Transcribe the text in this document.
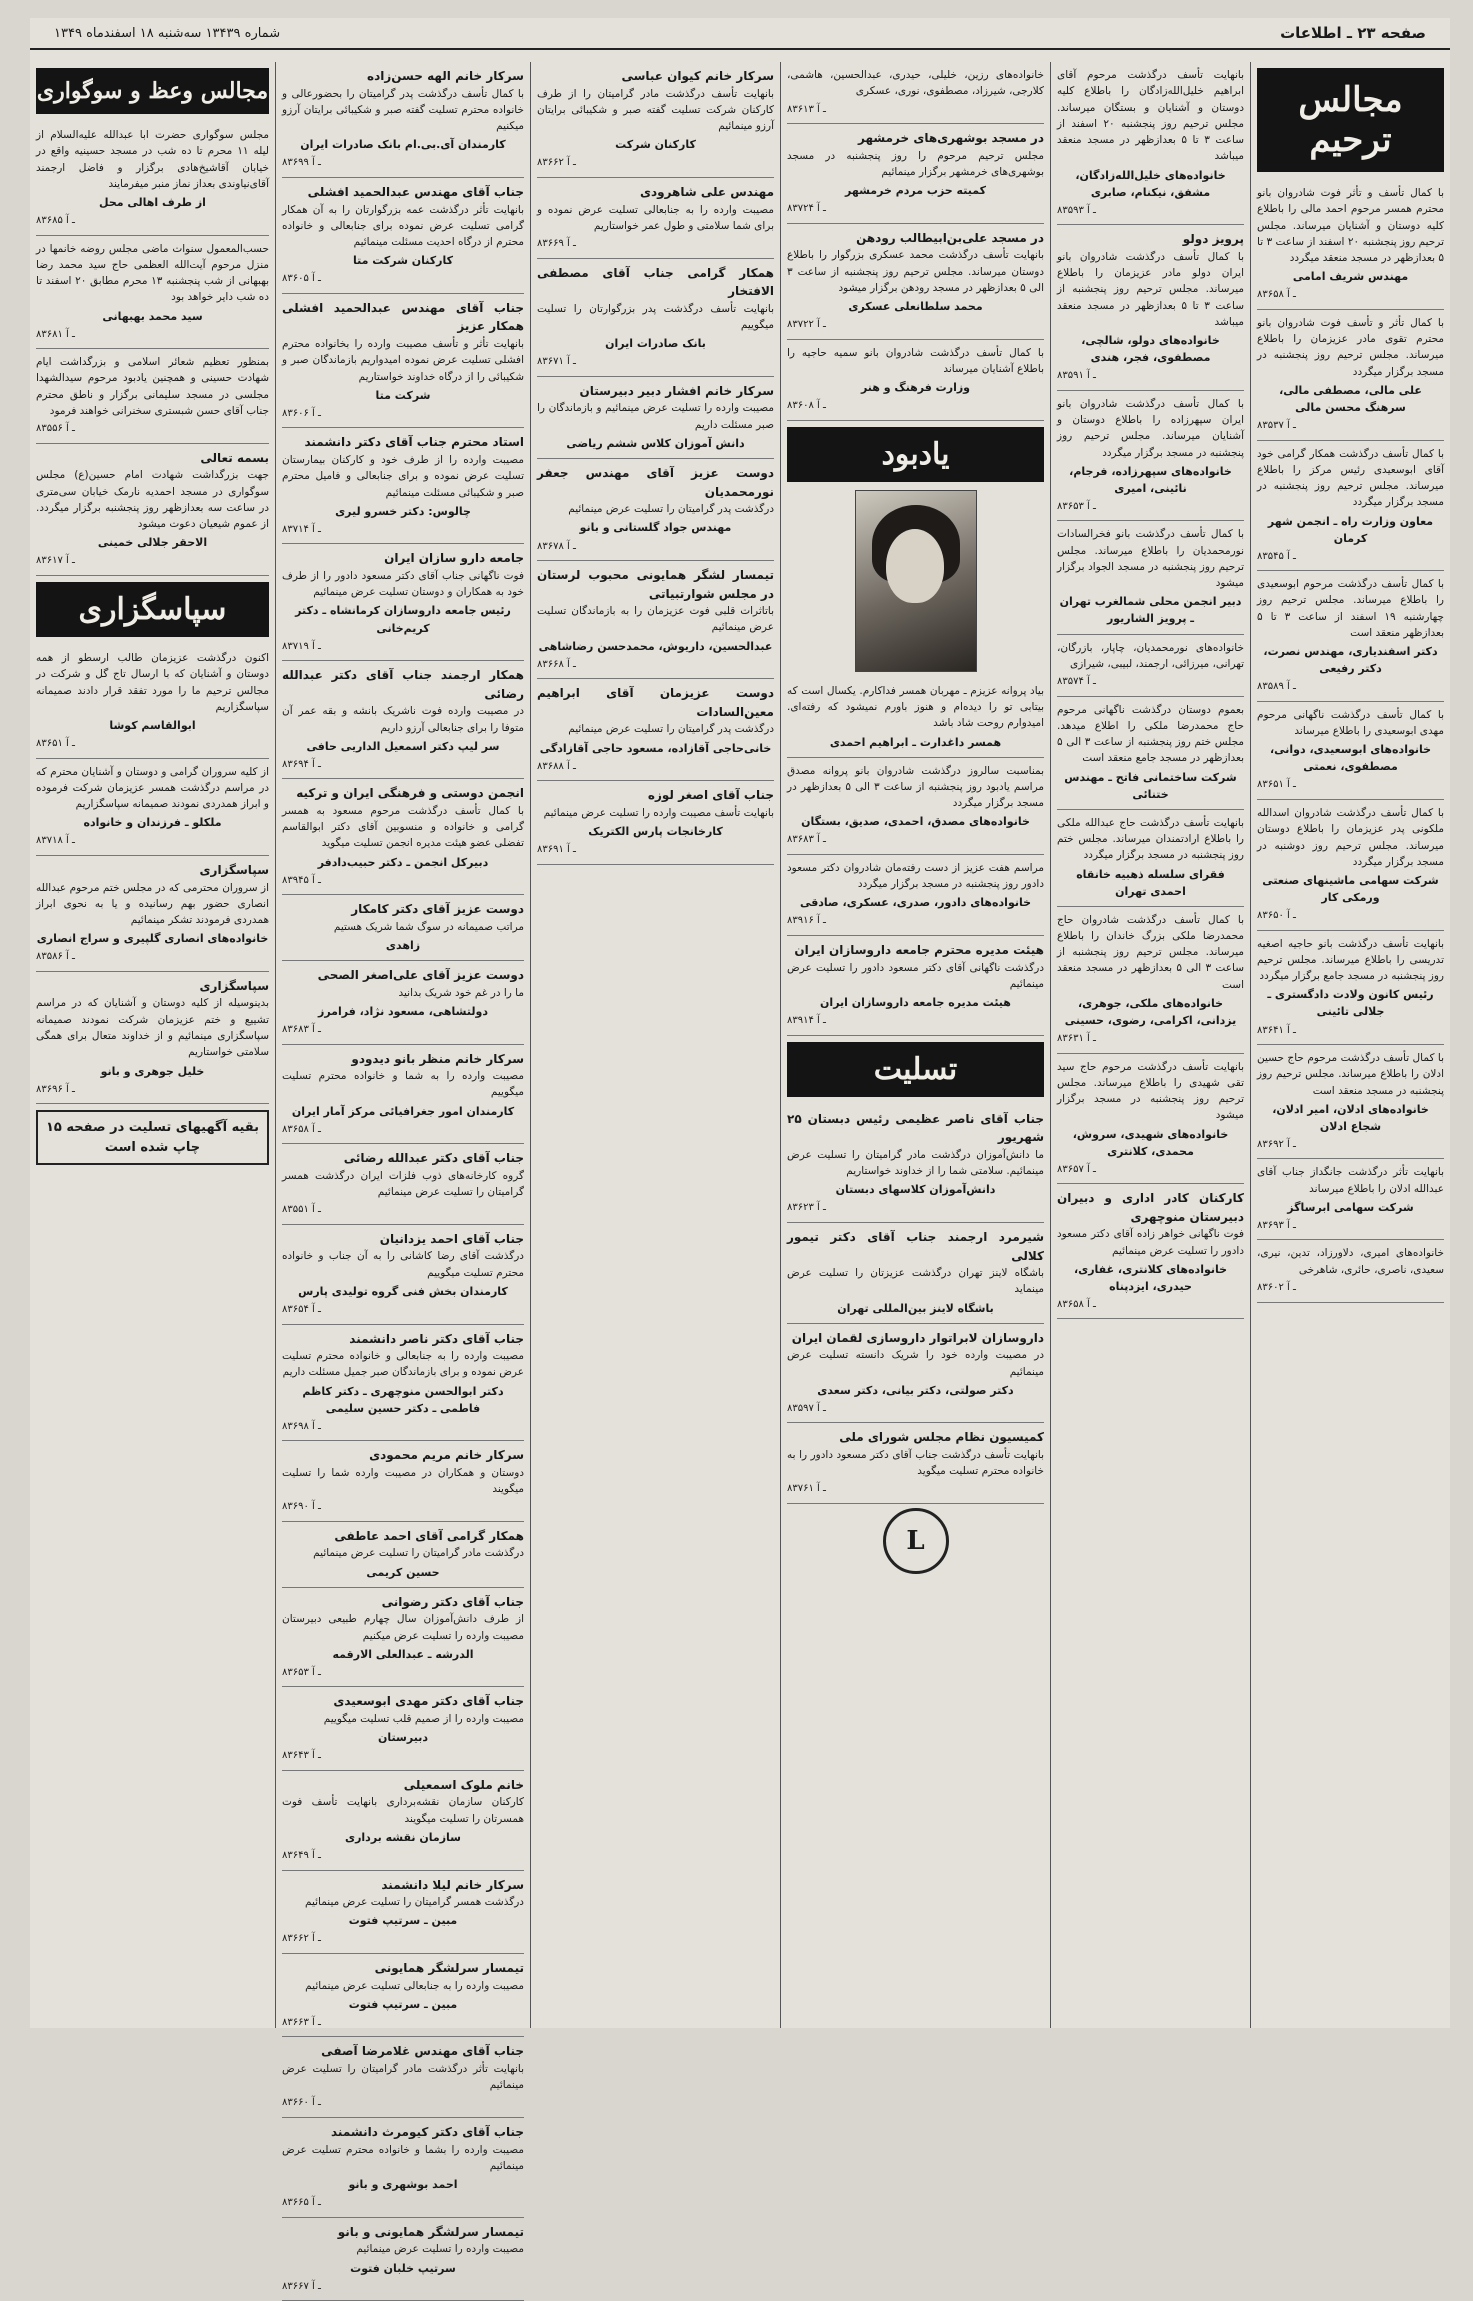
صفحه ۲۳ ـ اطلاعات
شماره ۱۳۴۳۹ سه‌شنبه ۱۸ اسفندماه ۱۳۴۹
مجالس ترحیم
با کمال تأسف و تأثر فوت شادروان بانو محترم همسر مرحوم احمد مالی را باطلاع کلیه دوستان و آشنایان میرساند. مجلس ترحیم روز پنجشنبه ۲۰ اسفند از ساعت ۳ تا ۵ بعدازظهر در مسجد منعقد میگردد
مهندس شریف امامی
۸۳۶۵۸ ـ آ
با کمال تأثر و تأسف فوت شادروان بانو محترم تقوی مادر عزیزمان را باطلاع میرساند. مجلس ترحیم روز پنجشنبه در مسجد برگزار میگردد
علی مالی، مصطفی مالی، سرهنگ محسن مالی
۸۳۵۳۷ ـ آ
با کمال تأسف درگذشت همکار گرامی خود آقای ابوسعیدی رئیس مرکز را باطلاع میرساند. مجلس ترحیم روز پنجشنبه در مسجد برگزار میگردد
معاون وزارت راه ـ انجمن شهر کرمان
۸۳۵۴۵ ـ آ
با کمال تأسف درگذشت مرحوم ابوسعیدی را باطلاع میرساند. مجلس ترحیم روز چهارشنبه ۱۹ اسفند از ساعت ۳ تا ۵ بعدازظهر منعقد است
دکتر اسفندیاری، مهندس نصرت، دکتر رفیعی
۸۳۵۸۹ ـ آ
با کمال تأسف درگذشت ناگهانی مرحوم مهدی ابوسعیدی را باطلاع میرساند
خانواده‌های ابوسعیدی، دوانی، مصطفوی، نعمتی
۸۳۶۵۱ ـ آ
با کمال تأسف درگذشت شادروان اسدالله ملکونی پدر عزیزمان را باطلاع دوستان میرساند. مجلس ترحیم روز دوشنبه در مسجد برگزار میگردد
شرکت سهامی ماشینهای صنعتی ورمکی کار
۸۳۶۵۰ ـ آ
بانهایت تأسف درگذشت بانو حاجیه اصغیه تدریسی را باطلاع میرساند. مجلس ترحیم روز پنجشنبه در مسجد جامع برگزار میگردد
رئیس کانون ولادت دادگستری ـ جلالی تائینی
۸۳۶۴۱ ـ آ
با کمال تأسف درگذشت مرحوم حاج حسین ادلان را باطلاع میرساند. مجلس ترحیم روز پنجشنبه در مسجد منعقد است
خانواده‌های ادلان، امیر ادلان، شجاع ادلان
۸۳۶۹۲ ـ آ
بانهایت تأثر درگذشت جانگداز جناب آقای عبدالله ادلان را باطلاع میرساند
شرکت سهامی ابرساگز
۸۳۶۹۳ ـ آ
خانواده‌های امیری، دلاورزاد، تدین، نیری، سعیدی، ناصری، حائری، شاهرخی
۸۳۶۰۲ ـ آ
بانهایت تأسف درگذشت مرحوم آقای ابراهیم خلیل‌الله‌زادگان را باطلاع کلیه دوستان و آشنایان و بستگان میرساند. مجلس ترحیم روز پنجشنبه ۲۰ اسفند از ساعت ۳ تا ۵ بعدازظهر در مسجد منعقد میباشد
خانواده‌های خلیل‌الله‌زادگان، مشفق، نیکنام، صابری
۸۳۵۹۳ ـ آ
پرویز دولو
با کمال تأسف درگذشت شادروان بانو ایران دولو مادر عزیزمان را باطلاع میرساند. مجلس ترحیم روز پنجشنبه از ساعت ۳ تا ۵ بعدازظهر در مسجد منعقد میباشد
خانواده‌های دولو، شالچی، مصطفوی، فجر، هندی
۸۳۵۹۱ ـ آ
با کمال تأسف درگذشت شادروان بانو ایران سپهرزاده را باطلاع دوستان و آشنایان میرساند. مجلس ترحیم روز پنجشنبه در مسجد برگزار میگردد
خانواده‌های سپهرزاده، فرجام، نائینی، امیری
۸۳۶۵۳ ـ آ
با کمال تأسف درگذشت بانو فخرالسادات نورمحمدیان را باطلاع میرساند. مجلس ترحیم روز پنجشنبه در مسجد الجواد برگزار میشود
دبیر انجمن محلی شمالغرب تهران ـ پرویز الشاریور
خانواده‌های نورمحمدیان، چاپار، بازرگان، تهرانی، میرزائی، ارجمند، لبیبی، شیرازی
۸۳۵۷۴ ـ آ
بعموم دوستان درگذشت ناگهانی مرحوم حاج محمدرضا ملکی را اطلاع میدهد. مجلس ختم روز پنجشنبه از ساعت ۳ الی ۵ بعدازظهر در مسجد جامع منعقد است
شرکت ساختمانی فاتح ـ مهندس ختنائی
بانهایت تأسف درگذشت حاج عبدالله ملکی را باطلاع ارادتمندان میرساند. مجلس ختم روز پنجشنبه در مسجد برگزار میگردد
فقرای سلسله ذهبیه خانقاه احمدی تهران
با کمال تأسف درگذشت شادروان حاج محمدرضا ملکی بزرگ خاندان را باطلاع میرساند. مجلس ترحیم روز پنجشنبه از ساعت ۳ الی ۵ بعدازظهر در مسجد منعقد است
خانواده‌های ملکی، جوهری، یزدانی، اکرامی، رضوی، حسینی
۸۳۶۳۱ ـ آ
بانهایت تأسف درگذشت مرحوم حاج سید تقی شهیدی را باطلاع میرساند. مجلس ترحیم روز پنجشنبه در مسجد برگزار میشود
خانواده‌های شهیدی، سروش، محمدی، کلانتری
۸۳۶۵۷ ـ آ
کارکنان کادر اداری و دبیران دبیرستان منوچهری
فوت ناگهانی خواهر زاده آقای دکتر مسعود دادور را تسلیت عرض مینمائیم
خانواده‌های کلانتری، غفاری، حیدری، ایزدپناه
۸۳۶۵۸ ـ آ
خانواده‌های رزین، خلیلی، حیدری، عبدالحسین، هاشمی، کلارجی، شیرزاد، مصطفوی، نوری، عسکری
۸۳۶۱۳ ـ آ
در مسجد بوشهری‌های خرمشهر
مجلس ترحیم مرحوم را روز پنجشنبه در مسجد بوشهری‌های خرمشهر برگزار مینمائیم
کمیته حزب مردم خرمشهر
۸۳۷۲۴ ـ آ
در مسجد علی‌بن‌ابیطالب رودهن
بانهایت تأسف درگذشت محمد عسکری بزرگوار را باطلاع دوستان میرساند. مجلس ترحیم روز پنجشنبه از ساعت ۳ الی ۵ بعدازظهر در مسجد رودهن برگزار میشود
محمد سلطانعلی عسکری
۸۳۷۲۲ ـ آ
با کمال تأسف درگذشت شادروان بانو سمیه حاجیه را باطلاع آشنایان میرساند
وزارت فرهنگ و هنر
۸۳۶۰۸ ـ آ
یادبود
بیاد پروانه عزیزم ـ مهربان همسر فداکارم. یکسال است که بیتابی تو را دیده‌ام و هنوز باورم نمیشود که رفته‌ای. امیدوارم روحت شاد باشد
همسر داغدارت ـ ابراهیم احمدی
بمناسبت سالروز درگذشت شادروان بانو پروانه مصدق مراسم یادبود روز پنجشنبه از ساعت ۳ الی ۵ بعدازظهر در مسجد برگزار میگردد
خانواده‌های مصدق، احمدی، صدیق، بستگان
۸۳۶۸۳ ـ آ
مراسم هفت عزیز از دست رفته‌مان شادروان دکتر مسعود دادور روز پنجشنبه در مسجد برگزار میگردد
خانواده‌های دادور، صدری، عسکری، صادقی
۸۳۹۱۶ ـ آ
هیئت مدیره محترم جامعه داروسازان ایران
درگذشت ناگهانی آقای دکتر مسعود دادور را تسلیت عرض مینمائیم
هیئت مدیره جامعه داروسازان ایران
۸۳۹۱۴ ـ آ
تسلیت
جناب آقای ناصر عظیمی رئیس دبستان ۲۵ شهریور
ما دانش‌آموزان درگذشت مادر گرامیتان را تسلیت عرض مینمائیم. سلامتی شما را از خداوند خواستاریم
دانش‌آموزان کلاسهای دبستان
۸۳۶۲۳ ـ آ
شیرمرد ارجمند جناب آقای دکتر تیمور کلالی
باشگاه لاینز تهران درگذشت عزیزتان را تسلیت عرض مینماید
باشگاه لاینز بین‌المللی تهران
داروسازان لابراتوار داروسازی لقمان ایران
در مصیبت وارده خود را شریک دانسته تسلیت عرض مینمائیم
دکتر صولتی، دکتر بیانی، دکتر سعدی
۸۳۵۹۷ ـ آ
کمیسیون نظام مجلس شورای ملی
بانهایت تأسف درگذشت جناب آقای دکتر مسعود دادور را به خانواده محترم تسلیت میگوید
۸۳۷۶۱ ـ آ
L
سرکار خانم کیوان عباسی
بانهایت تأسف درگذشت مادر گرامیتان را از طرف کارکنان شرکت تسلیت گفته صبر و شکیبائی برایتان آرزو مینمائیم
کارکنان شرکت
۸۳۶۶۲ ـ آ
مهندس علی شاهرودی
مصیبت وارده را به جنابعالی تسلیت عرض نموده و برای شما سلامتی و طول عمر خواستاریم
۸۳۶۶۹ ـ آ
همکار گرامی جناب آقای مصطفی الافتخار
بانهایت تأسف درگذشت پدر بزرگوارتان را تسلیت میگوییم
بانک صادرات ایران
۸۳۶۷۱ ـ آ
سرکار خانم افشار دبیر دبیرستان
مصیبت وارده را تسلیت عرض مینمائیم و بازماندگان را صبر مسئلت داریم
دانش آموزان کلاس ششم ریاضی
دوست عزیز آقای مهندس جعفر نورمحمدیان
درگذشت پدر گرامیتان را تسلیت عرض مینمائیم
مهندس جواد گلستانی و بانو
۸۳۶۷۸ ـ آ
تیمسار لشگر همایونی محبوب لرستان در مجلس شوارتبیاتی
باتاثرات قلبی فوت عزیزمان را به بازماندگان تسلیت عرض مینمائیم
عبدالحسین، داریوش، محمدحسن رضاشاهی
۸۳۶۶۸ ـ آ
دوست عزیزمان آقای ابراهیم معین‌السادات
درگذشت پدر گرامیتان را تسلیت عرض مینمائیم
خانی‌حاجی آقازاده، مسعود حاجی آقازادگی
۸۳۶۸۸ ـ آ
جناب آقای اصغر لوزه
بانهایت تأسف مصیبت وارده را تسلیت عرض مینمائیم
کارخانجات پارس الکتریک
۸۳۶۹۱ ـ آ
سرکار خانم الهه حسن‌زاده
با کمال تأسف درگذشت پدر گرامیتان را بحضورعالی و خانواده محترم تسلیت گفته صبر و شکیبائی برایتان آرزو میکنیم
کارمندان آی.بی.ام بانک صادرات ایران
۸۳۶۹۹ ـ آ
جناب آقای مهندس عبدالحمید افشلی
بانهایت تأثر درگذشت عمه بزرگوارتان را به آن همکار گرامی تسلیت عرض نموده برای جنابعالی و خانواده محترم از درگاه احدیت مسئلت مینمائیم
کارکنان شرکت متا
۸۳۶۰۵ ـ آ
جناب آقای مهندس عبدالحمید افشلی همکار عزیز
بانهایت تأثر و تأسف مصیبت وارده را بخانواده محترم افشلی تسلیت عرض نموده امیدواریم بازماندگان صبر و شکیبائی را از درگاه خداوند خواستاریم
شرکت متا
۸۳۶۰۶ ـ آ
استاد محترم جناب آقای دکتر دانشمند
مصیبت وارده را از طرف خود و کارکنان بیمارستان تسلیت عرض نموده و برای جنابعالی و فامیل محترم صبر و شکیبائی مسئلت مینمائیم
چالوس: دکتر خسرو لیری
۸۳۷۱۴ ـ آ
جامعه دارو سازان ایران
فوت ناگهانی جناب آقای دکتر مسعود دادور را از طرف خود به همکاران و دوستان تسلیت عرض مینمائیم
رئیس جامعه داروسازان کرمانشاه ـ دکتر کریم‌خانی
۸۳۷۱۹ ـ آ
همکار ارجمند جناب آقای دکتر عبدالله رضائی
در مصیبت وارده فوت ناشریک بانشه و بقه عمر آن متوفا را برای جنابعالی آرزو داریم
سر لیپ دکتر اسمعیل الداریی حافی
۸۳۶۹۴ ـ آ
انجمن دوستی و فرهنگی ایران و ترکیه
با کمال تأسف درگذشت مرحوم مسعود به همسر گرامی و خانواده و منسوبین آقای دکتر ابوالقاسم تفضلی عضو هیئت مدیره انجمن تسلیت میگوید
دبیرکل انجمن ـ دکتر حبیب‌دادفر
۸۳۹۴۵ ـ آ
دوست عزیز آقای دکتر کامکار
مراتب صمیمانه در سوگ شما شریک هستیم
زاهدی
دوست عزیز آقای علی‌اصغر الصحی
ما را در غم خود شریک بدانید
دولتشاهی، مسعود نژاد، فرامرز
۸۳۶۸۳ ـ آ
سرکار خانم منظر بانو دیدودو
مصیبت وارده را به شما و خانواده محترم تسلیت میگوییم
کارمندان امور جغرافیائی مرکز آمار ایران
۸۳۶۵۸ ـ آ
جناب آقای دکتر عبدالله رضائی
گروه کارخانه‌های ذوب فلزات ایران درگذشت همسر گرامیتان را تسلیت عرض مینمائیم
۸۳۵۵۱ ـ آ
جناب آقای احمد یزدانیان
درگذشت آقای رضا کاشانی را به آن جناب و خانواده محترم تسلیت میگوییم
کارمندان بخش فنی گروه تولیدی پارس
۸۳۶۵۴ ـ آ
جناب آقای دکتر ناصر دانشمند
مصیبت وارده را به جنابعالی و خانواده محترم تسلیت عرض نموده و برای بازماندگان صبر جمیل مسئلت داریم
دکتر ابوالحسن منوچهری ـ دکتر کاظم فاطمی ـ دکتر حسین سلیمی
۸۳۶۹۸ ـ آ
سرکار خانم مریم محمودی
دوستان و همکاران در مصیبت وارده شما را تسلیت میگویند
۸۳۶۹۰ ـ آ
همکار گرامی آقای احمد عاطفی
درگذشت مادر گرامیتان را تسلیت عرض مینمائیم
حسین کریمی
جناب آقای دکتر رضوانی
از طرف دانش‌آموزان سال چهارم طبیعی دبیرستان مصیبت وارده را تسلیت عرض میکنیم
الدرشه ـ عبدالعلی الارقمه
۸۳۶۵۳ ـ آ
جناب آقای دکتر مهدی ابوسعیدی
مصیبت وارده را از صمیم قلب تسلیت میگوییم
دبیرستان
۸۳۶۴۳ ـ آ
خانم ملوک اسمعیلی
کارکنان سازمان نقشه‌برداری بانهایت تأسف فوت همسرتان را تسلیت میگویند
سازمان نقشه برداری
۸۳۶۴۹ ـ آ
سرکار خانم لیلا دانشمند
درگذشت همسر گرامیتان را تسلیت عرض مینمائیم
مبین ـ سرتیپ فتوت
۸۳۶۶۲ ـ آ
تیمسار سرلشگر همایونی
مصیبت وارده را به جنابعالی تسلیت عرض مینمائیم
مبین ـ سرتیپ فتوت
۸۳۶۶۳ ـ آ
جناب آقای مهندس غلامرضا آصفی
بانهایت تأثر درگذشت مادر گرامیتان را تسلیت عرض مینمائیم
۸۳۶۶۰ ـ آ
جناب آقای دکتر کیومرث دانشمند
مصیبت وارده را بشما و خانواده محترم تسلیت عرض مینمائیم
احمد بوشهری و بانو
۸۳۶۶۵ ـ آ
تیمسار سرلشگر همایونی و بانو
مصیبت وارده را تسلیت عرض مینمائیم
سرتیپ خلبان فتوت
۸۳۶۶۷ ـ آ
مجالس وعظ و سوگواری
مجلس سوگواری حضرت ابا عبدالله علیه‌السلام از لیله ۱۱ محرم تا ده شب در مسجد حسینیه واقع در خیابان آقاشیخ‌هادی برگزار و فاضل ارجمند آقای‌نیاوندی بعداز نماز منبر میفرمایند
از طرف اهالی محل
۸۳۶۸۵ ـ آ
حسب‌المعمول سنوات ماضی مجلس روضه خانمها در منزل مرحوم آیت‌الله العظمی حاج سید محمد رضا بهبهانی از شب پنجشنبه ۱۳ محرم مطابق ۲۰ اسفند تا ده شب دایر خواهد بود
سید محمد بهبهانی
۸۳۶۸۱ ـ آ
بمنظور تعظیم شعائر اسلامی و بزرگداشت ایام شهادت حسینی و همچنین یادبود مرحوم سیدالشهدا مجلسی در مسجد سلیمانی برگزار و ناطق محترم جناب آقای حسن شبستری سخنرانی خواهند فرمود
۸۳۵۵۶ ـ آ
بسمه تعالی
جهت بزرگداشت شهادت امام حسین(ع) مجلس سوگواری در مسجد احمدیه نارمک خیابان سی‌متری در ساعت سه بعدازظهر روز پنجشنبه برگزار میگردد. از عموم شیعیان دعوت میشود
الاحقر جلالی خمینی
۸۳۶۱۷ ـ آ
سپاسگزاری
اکنون درگذشت عزیزمان طالب ارسطو از همه دوستان و آشنایان که با ارسال تاج گل و شرکت در مجالس ترحیم ما را مورد تفقد قرار دادند صمیمانه سپاسگزاریم
ابوالقاسم کوشا
۸۳۶۵۱ ـ آ
از کلیه سروران گرامی و دوستان و آشنایان محترم که در مراسم درگذشت همسر عزیزمان شرکت فرموده و ابراز همدردی نمودند صمیمانه سپاسگزاریم
ملکلو ـ فرزندان و خانواده
۸۳۷۱۸ ـ آ
سپاسگزاری
از سروران محترمی که در مجلس ختم مرحوم عبدالله انصاری حضور بهم رسانیده و یا به نحوی ابراز همدردی فرمودند تشکر مینمائیم
خانواده‌های انصاری گلپیری و سراج انصاری
۸۳۵۸۶ ـ آ
سپاسگزاری
بدینوسیله از کلیه دوستان و آشنایان که در مراسم تشییع و ختم عزیزمان شرکت نمودند صمیمانه سپاسگزاری مینمائیم و از خداوند متعال برای همگی سلامتی خواستاریم
خلیل جوهری و بانو
۸۳۶۹۶ ـ آ
بقیه آگهیهای تسلیت در صفحه ۱۵ چاپ شده است
